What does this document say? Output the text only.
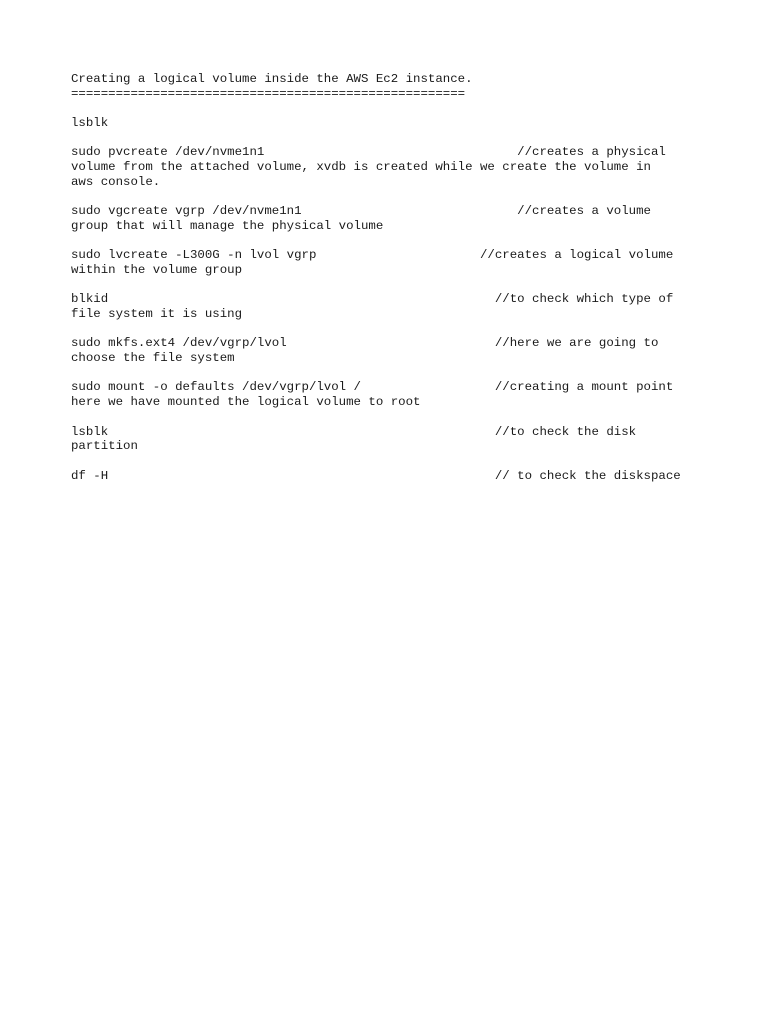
Creating a logical volume inside the AWS Ec2 instance.
=====================================================
lsblk
sudo pvcreate /dev/nvme1n1                                  //creates a physical
volume from the attached volume, xvdb is created while we create the volume in
aws console.
sudo vgcreate vgrp /dev/nvme1n1                             //creates a volume
group that will manage the physical volume
sudo lvcreate -L300G -n lvol vgrp                      //creates a logical volume
within the volume group
blkid                                                    //to check which type of
file system it is using
sudo mkfs.ext4 /dev/vgrp/lvol                            //here we are going to
choose the file system
sudo mount -o defaults /dev/vgrp/lvol /                  //creating a mount point
here we have mounted the logical volume to root
lsblk                                                    //to check the disk
partition
df -H                                                    // to check the diskspace
